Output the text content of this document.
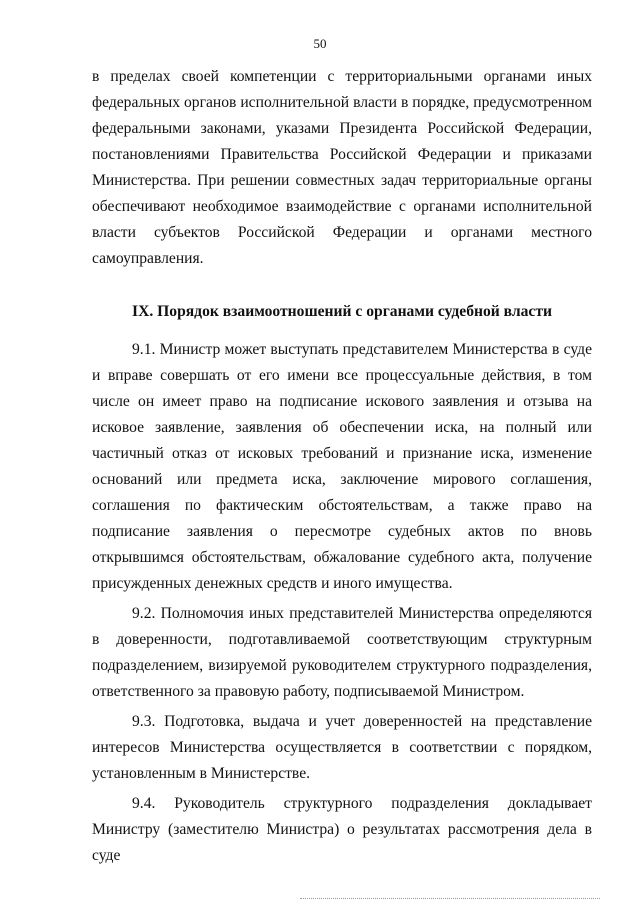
50

в пределах своей компетенции с территориальными органами иных федеральных органов исполнительной власти в порядке, предусмотренном федеральными законами, указами Президента Российской Федерации, постановлениями Правительства Российской Федерации и приказами Министерства. При решении совместных задач территориальные органы обеспечивают необходимое взаимодействие с органами исполнительной власти субъектов Российской Федерации и органами местного самоуправления.

IX. Порядок взаимоотношений с органами судебной власти

9.1. Министр может выступать представителем Министерства в суде и вправе совершать от его имени все процессуальные действия, в том числе он имеет право на подписание искового заявления и отзыва на исковое заявление, заявления об обеспечении иска, на полный или частичный отказ от исковых требований и признание иска, изменение оснований или предмета иска, заключение мирового соглашения, соглашения по фактическим обстоятельствам, а также право на подписание заявления о пересмотре судебных актов по вновь открывшимся обстоятельствам, обжалование судебного акта, получение присужденных денежных средств и иного имущества.

9.2. Полномочия иных представителей Министерства определяются в доверенности, подготавливаемой соответствующим структурным подразделением, визируемой руководителем структурного подразделения, ответственного за правовую работу, подписываемой Министром.

9.3. Подготовка, выдача и учет доверенностей на представление интересов Министерства осуществляется в соответствии с порядком, установленным в Министерстве.

9.4. Руководитель структурного подразделения докладывает Министру (заместителю Министра) о результатах рассмотрения дела в суде
